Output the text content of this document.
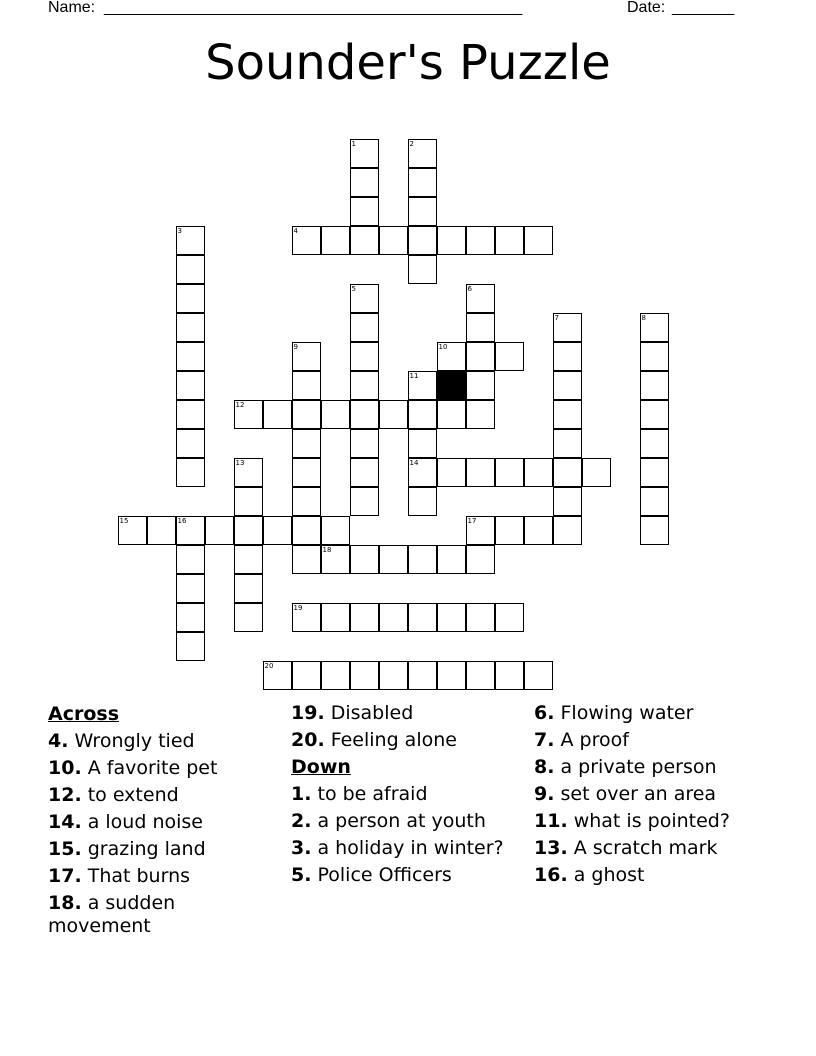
Name: _______________________________________________	Date: _______
Sounder's Puzzle
1	2
3	4
5	6
7	8
9	10
11
12
13	14
15	16	17
18
19
20
Across
4. Wrongly tied
10. A favorite pet
12. to extend
14. a loud noise
15. grazing land
17. That burns
18. a sudden movement
19. Disabled
20. Feeling alone
Down
1. to be afraid
2. a person at youth
3. a holiday in winter?
5. Police Officers
6. Flowing water
7. A proof
8. a private person
9. set over an area
11. what is pointed?
13. A scratch mark
16. a ghost
